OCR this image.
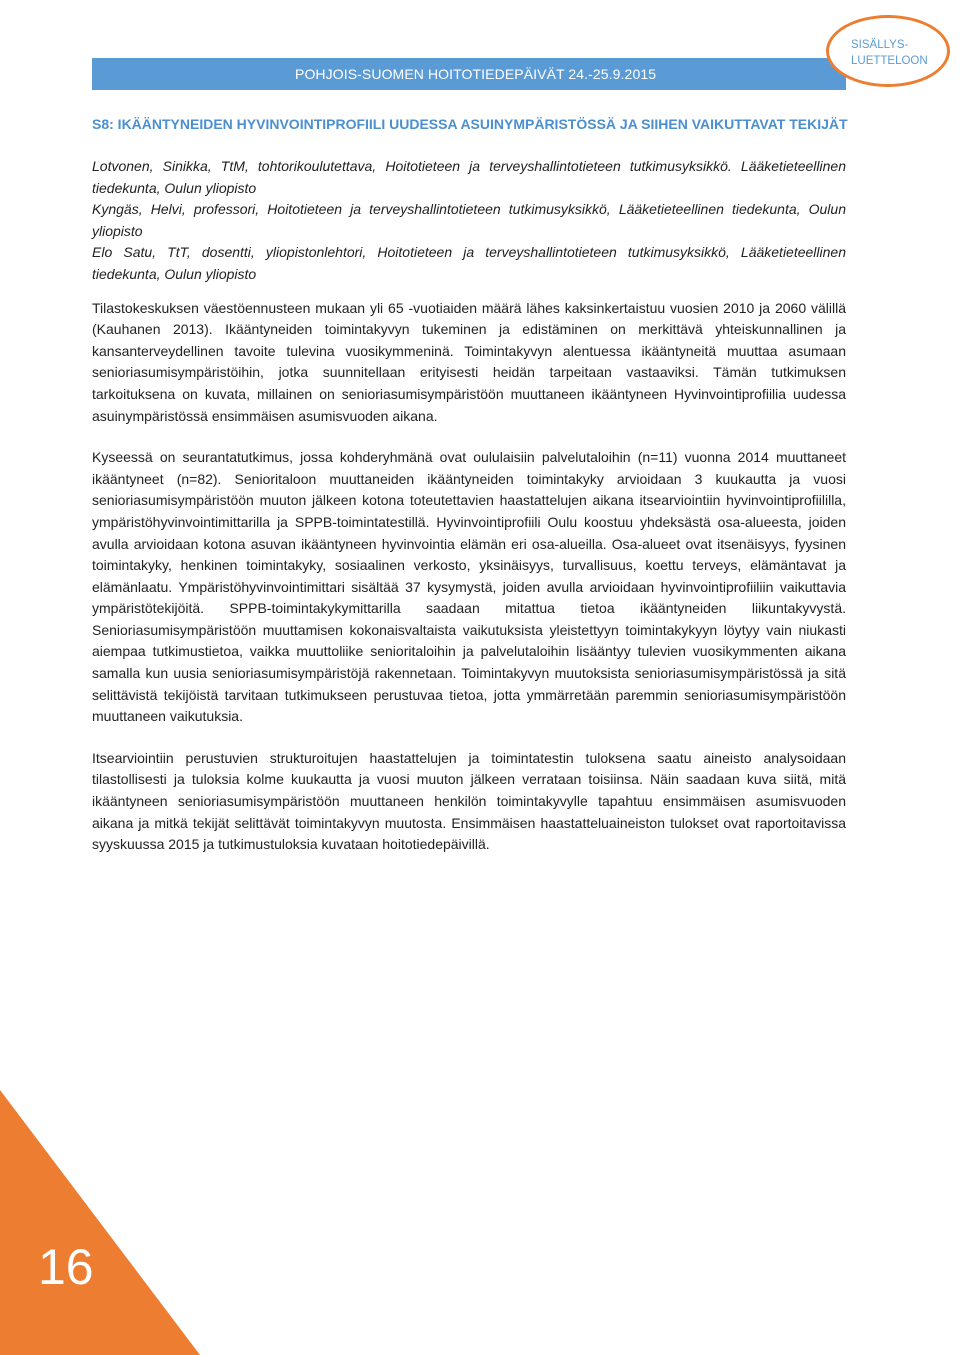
POHJOIS-SUOMEN HOITOTIEDEPÄIVÄT 24.-25.9.2015
SISÄLLYS-
LUETTELOON
S8: IKÄÄNTYNEIDEN HYVINVOINTIPROFIILI UUDESSA ASUINYMPÄRISTÖSSÄ JA SIIHEN VAIKUTTAVAT TEKIJÄT

Lotvonen, Sinikka, TtM, tohtorikoulutettava, Hoitotieteen ja terveyshallintotieteen tutkimusyksikkö. Lääketieteellinen tiedekunta, Oulun yliopisto

Kyngäs, Helvi, professori, Hoitotieteen ja terveyshallintotieteen tutkimusyksikkö, Lääketieteellinen tiedekunta, Oulun yliopisto

Elo Satu, TtT, dosentti, yliopistonlehtori, Hoitotieteen ja terveyshallintotieteen tutkimusyksikkö, Lääketieteellinen tiedekunta, Oulun yliopisto

Tilastokeskuksen väestöennusteen mukaan yli 65 -vuotiaiden määrä lähes kaksinkertaistuu vuosien 2010 ja 2060 välillä (Kauhanen 2013). Ikääntyneiden toimintakyvyn tukeminen ja edistäminen on merkittävä yhteiskunnallinen ja kansanterveydellinen tavoite tulevina vuosikymmeninä. Toimintakyvyn alentuessa ikääntyneitä muuttaa asumaan senioriasumisympäristöihin, jotka suunnitellaan erityisesti heidän tarpeitaan vastaaviksi. Tämän tutkimuksen tarkoituksena on kuvata, millainen on senioriasumisympäristöön muuttaneen ikääntyneen Hyvinvointiprofiilia uudessa asuinympäristössä ensimmäisen asumisvuoden aikana.

Kyseessä on seurantatutkimus, jossa kohderyhmänä ovat oululaisiin palvelutaloihin (n=11) vuonna 2014 muuttaneet ikääntyneet (n=82). Senioritaloon muuttaneiden ikääntyneiden toimintakyky arvioidaan 3 kuukautta ja vuosi senioriasumisympäristöön muuton jälkeen kotona toteutettavien haastattelujen aikana itsearviointiin hyvinvointiprofiililla, ympäristöhyvinvointimittarilla ja SPPB-toimintatestillä. Hyvinvointiprofiili Oulu koostuu yhdeksästä osa-alueesta, joiden avulla arvioidaan kotona asuvan ikääntyneen hyvinvointia elämän eri osa-alueilla. Osa-alueet ovat itsenäisyys, fyysinen toimintakyky, henkinen toimintakyky, sosiaalinen verkosto, yksinäisyys, turvallisuus, koettu terveys, elämäntavat ja elämänlaatu. Ympäristöhyvinvointimittari sisältää 37 kysymystä, joiden avulla arvioidaan hyvinvointiprofiiliin vaikuttavia ympäristötekijöitä. SPPB-toimintakykymittarilla saadaan mitattua tietoa ikääntyneiden liikuntakyvystä. Senioriasumisympäristöön muuttamisen kokonaisvaltaista vaikutuksista yleistettyyn toimintakykyyn löytyy vain niukasti aiempaa tutkimustietoa, vaikka muuttoliike senioritaloihin ja palvelutaloihin lisääntyy tulevien vuosikymmenten aikana samalla kun uusia senioriasumisympäristöjä rakennetaan. Toimintakyvyn muutoksista senioriasumisympäristössä ja sitä selittävistä tekijöistä tarvitaan tutkimukseen perustuvaa tietoa, jotta ymmärretään paremmin senioriasumisympäristöön muuttaneen vaikutuksia.

Itsearviointiin perustuvien strukturoitujen haastattelujen ja toimintatestin tuloksena saatu aineisto analysoidaan tilastollisesti ja tuloksia kolme kuukautta ja vuosi muuton jälkeen verrataan toisiinsa. Näin saadaan kuva siitä, mitä ikääntyneen senioriasumisympäristöön muuttaneen henkilön toimintakyvylle tapahtuu ensimmäisen asumisvuoden aikana ja mitkä tekijät selittävät toimintakyvyn muutosta. Ensimmäisen haastatteluaineiston tulokset ovat raportoitavissa syyskuussa 2015 ja tutkimustuloksia kuvataan hoitotiedepäivillä.

16
